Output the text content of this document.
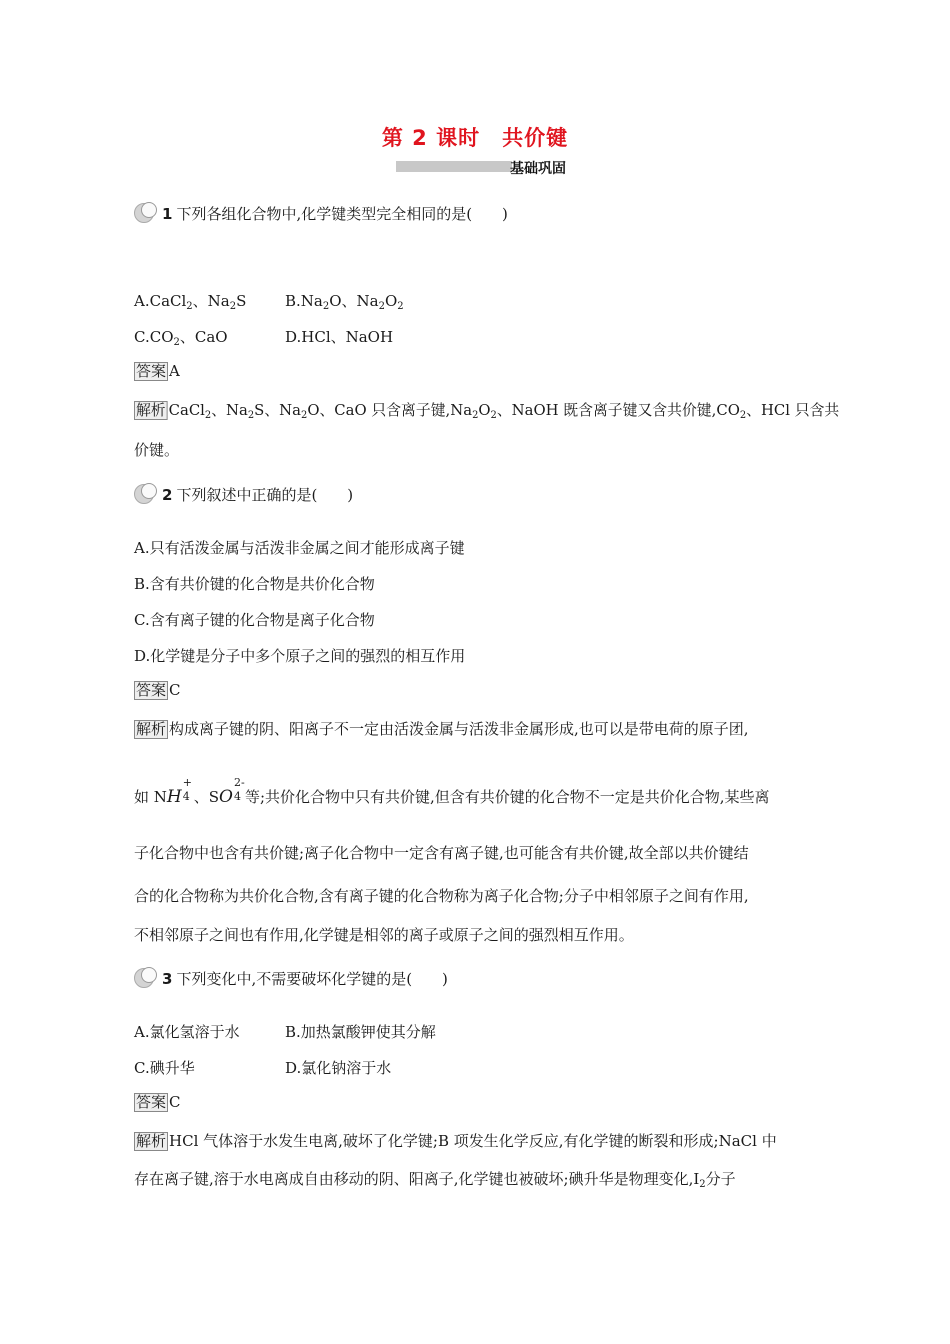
第 2 课时　共价键
基础巩固
1 下列各组化合物中,化学键类型完全相同的是(　　)
A.CaCl$_2$、$Na_2S$	$B.Na_2O$、$Na_2O_2$
$C.CO_2$、CaO	D.HCl、NaOH
答案 A
解析 CaCl$_2$、$Na_2S$、$Na_2O$、CaO 只含离子键$,Na_2O_2$、NaOH 既含离子键又含共价键$,CO_2$、HCl 只含共
价键。
2 下列叙述中正确的是(　　)
A.只有活泼金属与活泼非金属之间才能形成离子键
B.含有共价键的化合物是共价化合物
C.含有离子键的化合物是离子化合物
D.化学键是分子中多个原子之间的强烈的相互作用
答案 C
解析 构成离子键的阴、阳离子不一定由活泼金属与活泼非金属形成,也可以是带电荷的原子团,
如 NH
+
4 、SO
2-
4 等;共价化合物中只有共价键,但含有共价键的化合物不一定是共价化合物,某些离
子化合物中也含有共价键;离子化合物中一定含有离子键,也可能含有共价键,故全部以共价键结
合的化合物称为共价化合物,含有离子键的化合物称为离子化合物;分子中相邻原子之间有作用,
不相邻原子之间也有作用,化学键是相邻的离子或原子之间的强烈相互作用。
3 下列变化中,不需要破坏化学键的是(　　)
A.氯化氢溶于水	B.加热氯酸钾使其分解
C.碘升华	D.氯化钠溶于水
答案 C
解析 HCl 气体溶于水发生电离,破坏了化学键;B 项发生化学反应,有化学键的断裂和形成;NaCl 中
存在离子键,溶于水电离成自由移动的阴、阳离子,化学键也被破坏;碘升华是物理变化$,I_2$分子
